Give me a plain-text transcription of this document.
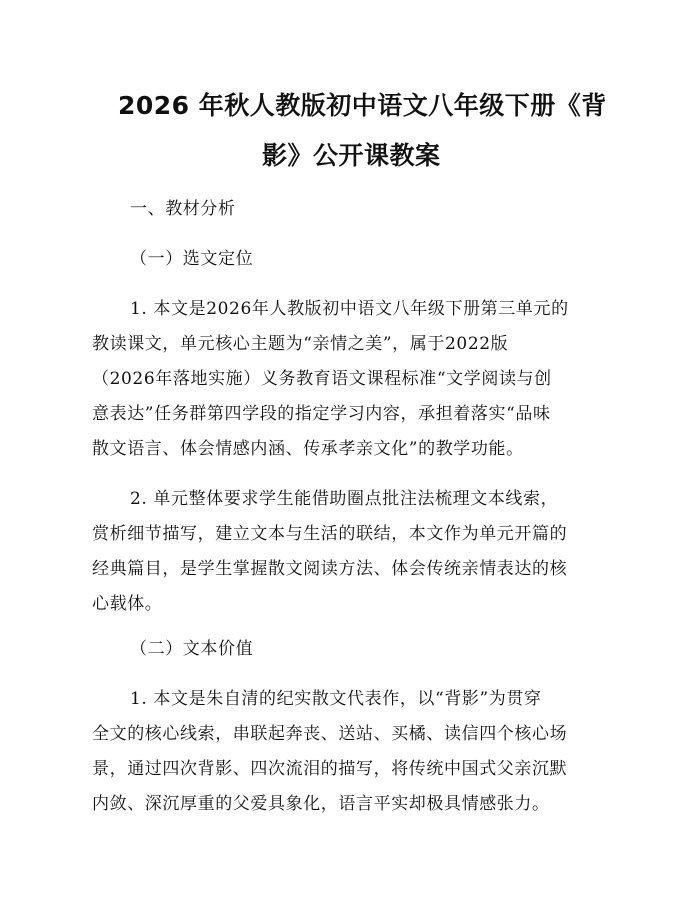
2026 年秋人教版初中语文八年级下册《背
影》公开课教案
一、教材分析
（一）选文定位
1. 本文是2026年人教版初中语文八年级下册第三单元的
教读课文，单元核心主题为“亲情之美”，属于2022版
（2026年落地实施）义务教育语文课程标准“文学阅读与创
意表达”任务群第四学段的指定学习内容，承担着落实“品味
散文语言、体会情感内涵、传承孝亲文化”的教学功能。
2. 单元整体要求学生能借助圈点批注法梳理文本线索，
赏析细节描写，建立文本与生活的联结，本文作为单元开篇的
经典篇目，是学生掌握散文阅读方法、体会传统亲情表达的核
心载体。
（二）文本价值
1. 本文是朱自清的纪实散文代表作，以“背影”为贯穿
全文的核心线索，串联起奔丧、送站、买橘、读信四个核心场
景，通过四次背影、四次流泪的描写，将传统中国式父亲沉默
内敛、深沉厚重的父爱具象化，语言平实却极具情感张力。
